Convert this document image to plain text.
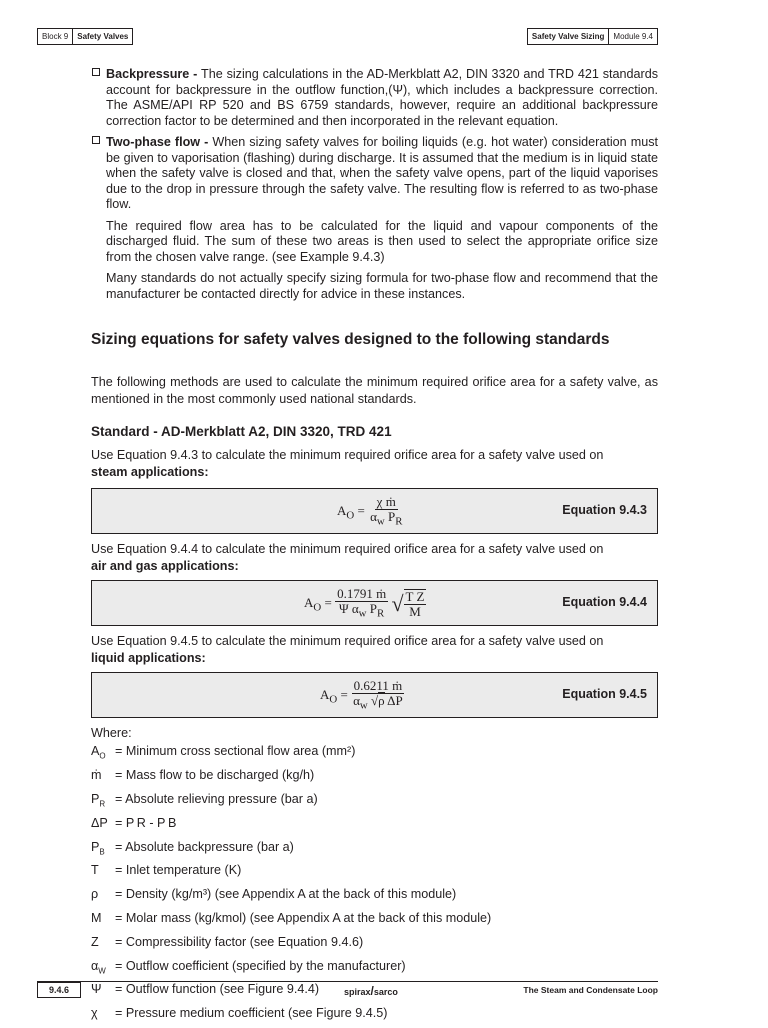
Block 9	Safety Valves	Safety Valve Sizing	Module 9.4

Backpressure - The sizing calculations in the AD-Merkblatt A2, DIN 3320 and TRD 421 standards account for backpressure in the outflow function,(Ψ), which includes a backpressure correction. The ASME/API RP 520 and BS 6759 standards, however, require an additional backpressure correction factor to be determined and then incorporated in the relevant equation.

Two-phase flow - When sizing safety valves for boiling liquids (e.g. hot water) consideration must be given to vaporisation (flashing) during discharge. It is assumed that the medium is in liquid state when the safety valve is closed and that, when the safety valve opens, part of the liquid vaporises due to the drop in pressure through the safety valve. The resulting flow is referred to as two-phase flow.

The required flow area has to be calculated for the liquid and vapour components of the discharged fluid. The sum of these two areas is then used to select the appropriate orifice size from the chosen valve range. (see Example 9.4.3)

Many standards do not actually specify sizing formula for two-phase flow and recommend that the manufacturer be contacted directly for advice in these instances.

Sizing equations for safety valves designed to the following standards
The following methods are used to calculate the minimum required orifice area for a safety valve, as mentioned in the most commonly used national standards.
Standard - AD-Merkblatt A2, DIN 3320, TRD 421
Use Equation 9.4.3 to calculate the minimum required orifice area for a safety valve used on
steam applications:
$A_O = \frac{\text{χ ṁ}}{\alpha_w P_R}$	Equation 9.4.3
Use Equation 9.4.4 to calculate the minimum required orifice area for a safety valve used on
air and gas applications:
$A_O = \frac{\text{0.1791 ṁ}}{\Psi \alpha_w P_R}$ √ $\frac{\text{T Z}}{M}$	Equation 9.4.4
Use Equation 9.4.5 to calculate the minimum required orifice area for a safety valve used on
liquid applications:
$A_O = \frac{\text{0.6211 ṁ}}{\alpha_w √\rho \Delta P}$	Equation 9.4.5
Where:
$A_O$ = Minimum cross sectional flow area (mm²)
ṁ	= Mass flow to be discharged (kg/h)
$P_R$ = Absolute relieving pressure (bar a)
ΔP = P R - P B
$P_B$ = Absolute backpressure (bar a)
T	= Inlet temperature (K)
ρ	= Density (kg/m³) (see Appendix A at the back of this module)
M	= Molar mass (kg/kmol) (see Appendix A at the back of this module)
Z	= Compressibility factor (see Equation 9.4.6)
$\alpha_W$ = Outflow coefficient (specified by the manufacturer)
Ψ	= Outflow function (see Figure 9.4.4)
χ	= Pressure medium coefficient (see Figure 9.4.5)
9.4.6	spirax/sarco	The Steam and Condensate Loop
